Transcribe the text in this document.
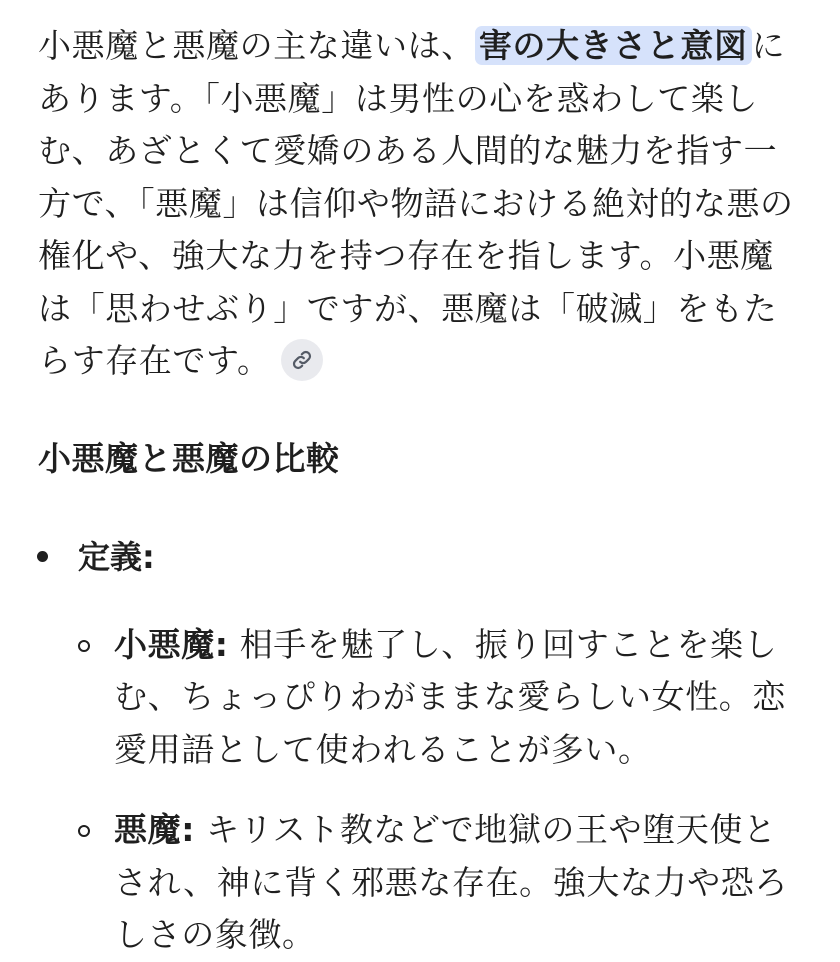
小悪魔と悪魔の主な違いは、 害の大きさと意図 にあります。「小悪魔」は男性の心を惑わして楽しむ、あざとくて愛嬌のある人間的な魅力を指す一方で、「悪魔」は信仰や物語における絶対的な悪の権化や、強大な力を持つ存在を指します。小悪魔は「思わせぶり」ですが、悪魔は「破滅」をもたらす存在です。

小悪魔と悪魔の比較
定義:
小悪魔: 相手を魅了し、振り回すことを楽しむ、ちょっぴりわがままな愛らしい女性。恋愛用語として使われることが多い。
悪魔: キリスト教などで地獄の王や堕天使とされ、神に背く邪悪な存在。強大な力や恐ろしさの象徴。
